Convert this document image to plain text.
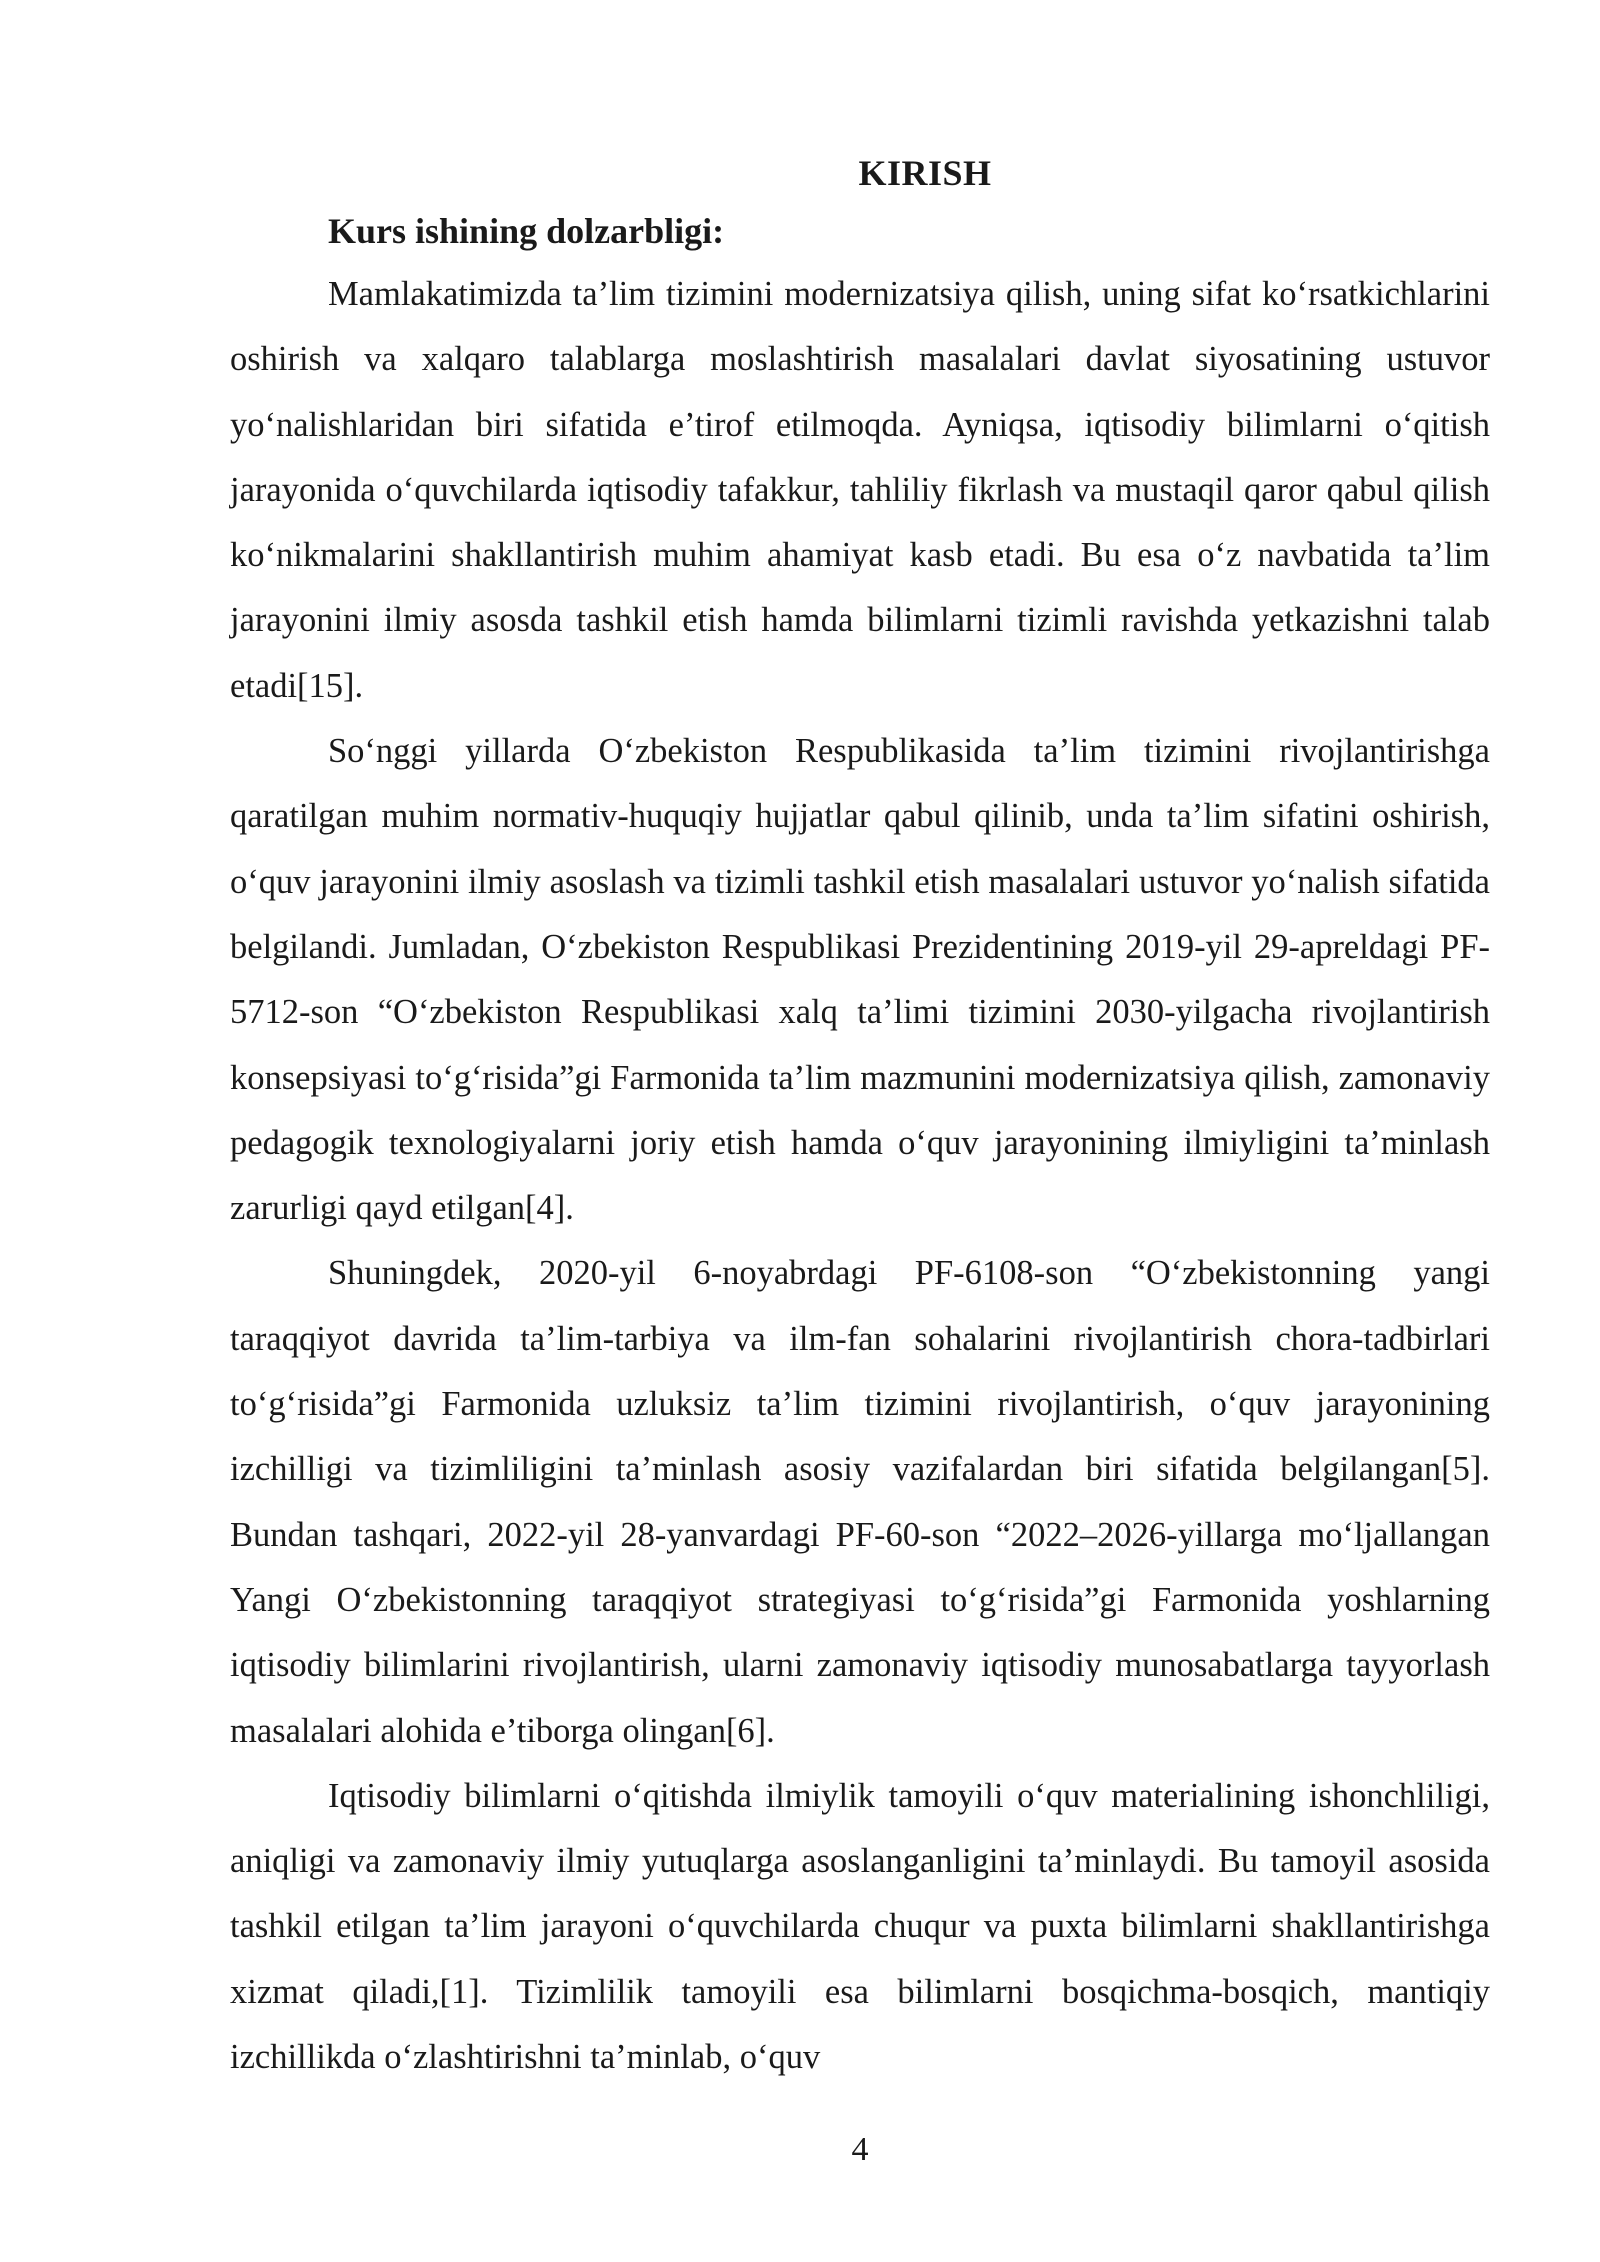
KIRISH
Kurs ishining dolzarbligi:

Mamlakatimizda ta’lim tizimini modernizatsiya qilish, uning sifat ko‘rsatkichlarini oshirish va xalqaro talablarga moslashtirish masalalari davlat siyosatining ustuvor yo‘nalishlaridan biri sifatida e’tirof etilmoqda. Ayniqsa, iqtisodiy bilimlarni o‘qitish jarayonida o‘quvchilarda iqtisodiy tafakkur, tahliliy fikrlash va mustaqil qaror qabul qilish ko‘nikmalarini shakllantirish muhim ahamiyat kasb etadi. Bu esa o‘z navbatida ta’lim jarayonini ilmiy asosda tashkil etish hamda bilimlarni tizimli ravishda yetkazishni talab etadi[15].

So‘nggi yillarda O‘zbekiston Respublikasida ta’lim tizimini rivojlantirishga qaratilgan muhim normativ-huquqiy hujjatlar qabul qilinib, unda ta’lim sifatini oshirish, o‘quv jarayonini ilmiy asoslash va tizimli tashkil etish masalalari ustuvor yo‘nalish sifatida belgilandi. Jumladan, O‘zbekiston Respublikasi Prezidentining 2019-yil 29-apreldagi PF-5712-son “O‘zbekiston Respublikasi xalq ta’limi tizimini 2030-yilgacha rivojlantirish konsepsiyasi to‘g‘risida”gi Farmonida ta’lim mazmunini modernizatsiya qilish, zamonaviy pedagogik texnologiyalarni joriy etish hamda o‘quv jarayonining ilmiyligini ta’minlash zarurligi qayd etilgan[4].

Shuningdek, 2020-yil 6-noyabrdagi PF-6108-son “O‘zbekistonning yangi taraqqiyot davrida ta’lim-tarbiya va ilm-fan sohalarini rivojlantirish chora-tadbirlari to‘g‘risida”gi Farmonida uzluksiz ta’lim tizimini rivojlantirish, o‘quv jarayonining izchilligi va tizimliligini ta’minlash asosiy vazifalardan biri sifatida belgilangan[5]. Bundan tashqari, 2022-yil 28-yanvardagi PF-60-son “2022–2026-yillarga mo‘ljallangan Yangi O‘zbekistonning taraqqiyot strategiyasi to‘g‘risida”gi Farmonida yoshlarning iqtisodiy bilimlarini rivojlantirish, ularni zamonaviy iqtisodiy munosabatlarga tayyorlash masalalari alohida e’tiborga olingan[6].

Iqtisodiy bilimlarni o‘qitishda ilmiylik tamoyili o‘quv materialining ishonchliligi, aniqligi va zamonaviy ilmiy yutuqlarga asoslanganligini ta’minlaydi. Bu tamoyil asosida tashkil etilgan ta’lim jarayoni o‘quvchilarda chuqur va puxta bilimlarni shakllantirishga xizmat qiladi,[1]. Tizimlilik tamoyili esa bilimlarni bosqichma-bosqich, mantiqiy izchillikda o‘zlashtirishni ta’minlab, o‘quv

4
